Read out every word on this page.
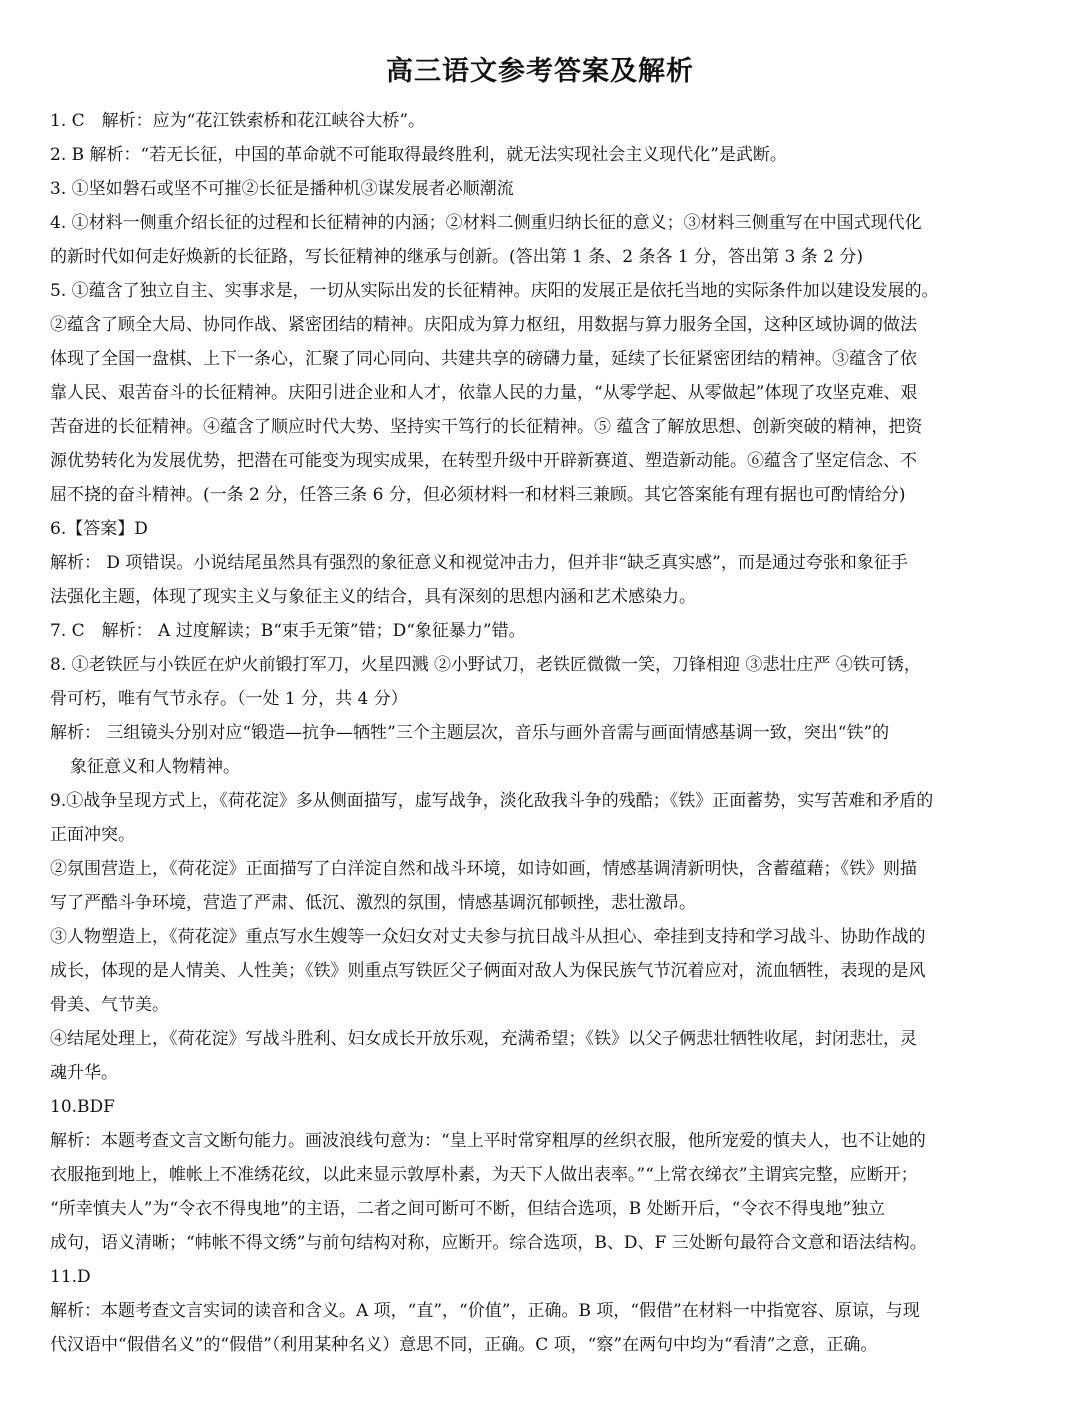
高三语文参考答案及解析

1. C　解析：应为“花江铁索桥和花江峡谷大桥”。

2. B 解析：“若无长征，中国的革命就不可能取得最终胜利，就无法实现社会主义现代化”是武断。

3. ①坚如磐石或坚不可摧②长征是播种机③谋发展者必顺潮流

4. ①材料一侧重介绍长征的过程和长征精神的内涵；②材料二侧重归纳长征的意义；③材料三侧重写在中国式现代化

的新时代如何走好焕新的长征路，写长征精神的继承与创新。(答出第 1 条、2 条各 1 分，答出第 3 条 2 分)

5. ①蕴含了独立自主、实事求是，一切从实际出发的长征精神。庆阳的发展正是依托当地的实际条件加以建设发展的。

②蕴含了顾全大局、协同作战、紧密团结的精神。庆阳成为算力枢纽，用数据与算力服务全国，这种区域协调的做法

体现了全国一盘棋、上下一条心，汇聚了同心同向、共建共享的磅礴力量，延续了长征紧密团结的精神。③蕴含了依

靠人民、艰苦奋斗的长征精神。庆阳引进企业和人才，依靠人民的力量，“从零学起、从零做起”体现了攻坚克难、艰

苦奋进的长征精神。④蕴含了顺应时代大势、坚持实干笃行的长征精神。⑤ 蕴含了解放思想、创新突破的精神，把资

源优势转化为发展优势，把潜在可能变为现实成果，在转型升级中开辟新赛道、塑造新动能。⑥蕴含了坚定信念、不

屈不挠的奋斗精神。(一条 2 分，任答三条 6 分，但必须材料一和材料三兼顾。其它答案能有理有据也可酌情给分)

6.【答案】D

解析： D 项错误。小说结尾虽然具有强烈的象征意义和视觉冲击力，但并非“缺乏真实感”，而是通过夸张和象征手

法强化主题，体现了现实主义与象征主义的结合，具有深刻的思想内涵和艺术感染力。

7. C　解析： A 过度解读；B“束手无策”错；D“象征暴力”错。

8. ①老铁匠与小铁匠在炉火前锻打军刀，火星四溅 ②小野试刀，老铁匠微微一笑，刀锋相迎 ③悲壮庄严 ④铁可锈，

骨可朽，唯有气节永存。（一处 1 分，共 4 分）

解析： 三组镜头分别对应“锻造—抗争—牺牲”三个主题层次，音乐与画外音需与画面情感基调一致，突出“铁”的

象征意义和人物精神。

9.①战争呈现方式上，《荷花淀》多从侧面描写，虚写战争，淡化敌我斗争的残酷；《铁》正面蓄势，实写苦难和矛盾的

正面冲突。

②氛围营造上，《荷花淀》正面描写了白洋淀自然和战斗环境，如诗如画，情感基调清新明快，含蓄蕴藉；《铁》则描

写了严酷斗争环境，营造了严肃、低沉、激烈的氛围，情感基调沉郁顿挫，悲壮激昂。

③人物塑造上，《荷花淀》重点写水生嫂等一众妇女对丈夫参与抗日战斗从担心、牵挂到支持和学习战斗、协助作战的

成长，体现的是人情美、人性美；《铁》则重点写铁匠父子俩面对敌人为保民族气节沉着应对，流血牺牲，表现的是风

骨美、气节美。

④结尾处理上，《荷花淀》写战斗胜利、妇女成长开放乐观，充满希望；《铁》以父子俩悲壮牺牲收尾，封闭悲壮，灵

魂升华。

10.BDF

解析：本题考查文言文断句能力。画波浪线句意为：“皇上平时常穿粗厚的丝织衣服，他所宠爱的慎夫人，也不让她的

衣服拖到地上，帷帐上不准绣花纹，以此来显示敦厚朴素，为天下人做出表率。”“上常衣绨衣”主谓宾完整，应断开；

“所幸慎夫人”为“令衣不得曳地”的主语，二者之间可断可不断，但结合选项，B 处断开后，“令衣不得曳地”独立

成句，语义清晰；“帏帐不得文绣”与前句结构对称，应断开。综合选项，B、D、F 三处断句最符合文意和语法结构。

11.D

解析：本题考查文言实词的读音和含义。A 项，“直”，“价值”，正确。B 项，“假借”在材料一中指宽容、原谅，与现

代汉语中“假借名义”的“假借”（利用某种名义）意思不同，正确。C 项，“察”在两句中均为“看清”之意，正确。
